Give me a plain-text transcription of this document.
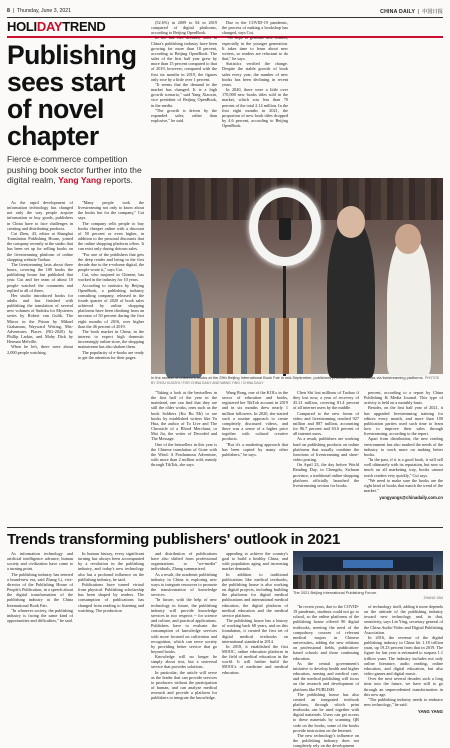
8  |  Thursday, June 3, 2021	CHINA DAILY  |  中国日报
HOLIDAYTREND
Publishing sees start of novel chapter
Fierce e-commerce competition pushing book sector further into the digital realm, Yang Yang reports.

As the rapid development of information technology has changed not only the way people acquire information or buy goods, publishers in China have to face challenges in creating and distributing products.

Cui Zhen, 43, editor at Shanghai Translation Publishing House, joined the company recently at the studio that has been set up for selling books on the livestreaming platform of online shopping website Taobao.

The livestreaming lasts about three hours, covering the 100 books the publishing house has published that year. Cui and her team of about 10 people watched the comments and replied to all of them.

Her studio introduced books for adults and has finished with publishing the translation of several new volumes of Sudoku for Mysteries series by Robert van Gulik, The Mirror in the Prison by Mikael Grabaman, Wayward Writing, Mis-Adventures Places (NG-2020) by Phillip Larkin, and Moby Dick by Herman Melville.

When he left, there were about 2,000 people watching.

"Many people took the livestreaming not only to know about the books but for the company," Cui says.

The company sells people to buy books cheaper online with a discount of 50 percent or even higher, in addition to the personal discounts that the online shopping platform offers. It can exist only during dotcom sales.

"For one of the publishers that gets the deep reader and being in the first decade due to the e-volume digital, the people wrote it," says Cui.

Cui, who majored in Chinese, has worked in the industry for 10 years.

According to statistics by Beijing OpenBook, a publishing industry consulting company, released in the fourth quarter of 2020 of book sales achieved by online shopping platforms have been climbing from an increase of 50 percent during the first eight months of 2016, over higher than the 46 percent of 2019.

The book market in China, in the interest to expect high domestic increasingly online store, the shopping mainstream has also shaken them.

The popularity of e-books are ready to get the attention for their pages.

(52.6%) in 2009 to 84 in 2019 compared of digital platforms, according to Beijing OpenBook.

In the last two decades, sales in China's publishing industry have been growing for more than 18 percent, according to Beijing OpenBook. The sales of the first half year grew by more than 15 percent compared to that of 2019, however, compared with the first six months in 2019, the figures only rose by a little over 1 percent.

"It seems that the demand in the market has changed. It is a high growth scenario," said Yang Xiaoxin, vice president of Beijing OpenBook, in the media.

"The growth is driven by the expanded sales, rather than explosive," he said.

Due to the COVID-19 pandemic, the process of making a bookshop has changed, says Cui.

"We hope to generate new readers, especially in the younger generation. It takes time to learn about new writers, so readers are reluctant to do that," he says.

Statistics verified the change. Despite the stable growth of book sales every year, the number of new books has been declining in recent years.

In 2020, there were a little over 170,000 new books titles sold in the market, which was less than 70 percent of the total 2.14 million. In the first eight months in 2021, the proportion of new book titles dropped by 4.6 percent, according to Beijing OpenBook.

In the section of children's books at the 29th Beijing International Book Fair in mid-September, publishers promote children's books via livestreaming platforms. PHOTOS BY ZHOU KUOZHI / FOR CHINA DAILY AND WANG YING / CHINA DAILY

"Taking a look at the bestsellers in the first half of the year in the mainland, one can find that they are still the older works, ones such as the book Soldiers (Ku Bu Mi) or are books by established writers like Yu Hua, the author of To Live and The Chronicle of a Blood Merchant, or Mai Jia, the writer of Decoded and The Message.

One of the bestsellers in this year is the Chinese translation of Gone with the Wind: A Posthumous Adventure, with more than 2 million sold, mainly through TikTok, she says.

Wang Rong, one of the KOLs in the sector of education and books, registered her TikTok account in 2019 and in six months drew nearly 1 million followers. In 2020, she started such a routine approach to create completely discussed videos, and there was a sense of a higher price together with cultural creative products.

"But it's a marketing approach that has been copied by many other publishers," he says.

Chen Shi lost millions of Taobao if they lost now, a year of recovery of 45.21 million, covering 81.4 percent of all internet users by the middle.

Compared to the new forms of video and livestreaming reached 927 million and 887 million, accounting for 86.7 percent and 63.6 percent of all internet users.

As a result, publishers are working hard on publishing products on online platforms that usually combine the functions of livestreaming and short-video posting.

On April 23, the day before World Reading Day, in Chengdu, Sichuan province, a traditional online shopping platform officially launched the livestreaming section for books.

percent, according to a report by China Publishing & Media Journal. This type of activity is held on a monthly basis.

Besides, on the first half year of 2021, it has upgraded livestreaming training for editors every month, and more than 100 publication parties used such time to learn how to improve their sales through livestreaming, according to the report.

Apart from distribution, the new reading environment has also marked the needs of the industry to work more on making better books.

"In the past, if it is a good book, it will sell well ultimately with its reputation, but now so much on all marketing way, books cannot reach readers very quickly," Cui says.

"We need to make sure the books are the right kind of books that match the trend of the market."

yangyangs@chinadaily.com.cn

Trends transforming publishers' outlook in 2021

As information technology and artificial intelligence advance, human society and civilization have come to a turning point.

The publishing industry has entered a brand-new era, said Zhang Li, vice-director of the Publishing House of People's Publication, in a speech about the digital transformation of the publishing industry at the China International Book Fair.

"In whatever society, the publishing industry is facing the same kind of opportunities and difficulties," he said.

In human history, every significant turning has always been accompanied by a revolution in the publishing industry, and today's new technology also has a profound influence on the publishing industry, he said.

Publications have turned virtual from physical. Publishing scholarship has been shaped by readers. The consumption of publications has changed from reading to listening and watching. The production

and distribution of publications have also shifted from professional organizations to "we-media" individuals, Zhang summarized.

As a result, the academic publishing industry in China is exploring new ways to integrate resources to promote the transformation of knowledge services.

"In future, with the help of new technology in future, the publishing industry will provide knowledge services in two respects -- for science and culture, and practical applications. Publishers have to evaluate the consumption of knowledge services with more focused on cultivation and recognition, which can serve society by providing better service that go beyond books.

Knowledge will no longer be simply about text, but a universal service that provides solutions.

In particular, the article will serve as the leader that can provide services to producers without the participation of human, and can analyze medical research and provide a platform for publishers to integrate the knowledge.

appealing to achieve the country's goal to build a healthy China, and with population aging and increasing market demands.

In addition to traditional publications like medical textbooks, the publishing house is also working on digital projects, including building the platforms for digital medical publications and international medical education, the digital platform of medical education and the medical service platform.

The publishing house has a history of working back 68 years, and on this foundation, it created the first set of digital medical textbooks on international standard in 2014.

In 2018, it established the first MOOC, online education platform in the field of medical education in the world. It will further build the MOOCs of medicine and medical education.

The 2021 Beijing International Publishing Forum.
ZHANG YAN

"In recent years, due to the COVID-19 pandemic, students could not go to school, so the online platforms of the publishing house offered 90 digital textbooks, meeting the need of the compulsory courses of relevant medical majors in Chinese universities, adding the new editions on professional fields, publication-based schools and those continuing education.

As the central government's initiative to develop health and higher education, nursing and medical care, and the medical publishing will focus on the research and development of platform like PUBLISH.

The publishing house has also created an integrated textbook platform, through which print textbooks can be used together with digital materials. Users can get access to these materials by scanning QR code on the books, some of the books provide instruction on the Internet.

The new technology's influence on the publishing industry does not completely rely on the development

of technology itself, adding it more depends on the attitude of the publishing industry toward new technology and, in that, sensitivity, says Lin Ying, secretary general of the China Audio-Video and Digital Publishing Association.

In 2016, the revenue of the digital publishing industry in China hit 1.18 trillion yuan, up 19.23 percent from that in 2019. The figure for last year is estimated to surpass 1.1 trillion yuan. The industry includes not only online literature, audio reading, online education, and digital education, but also video games and digital music.

Over the next several decades such a long time into the future, we have still to go through an unprecedented transformation in this new age.

"The publishing industry needs to embrace new technology," he said.

YANG YANG
